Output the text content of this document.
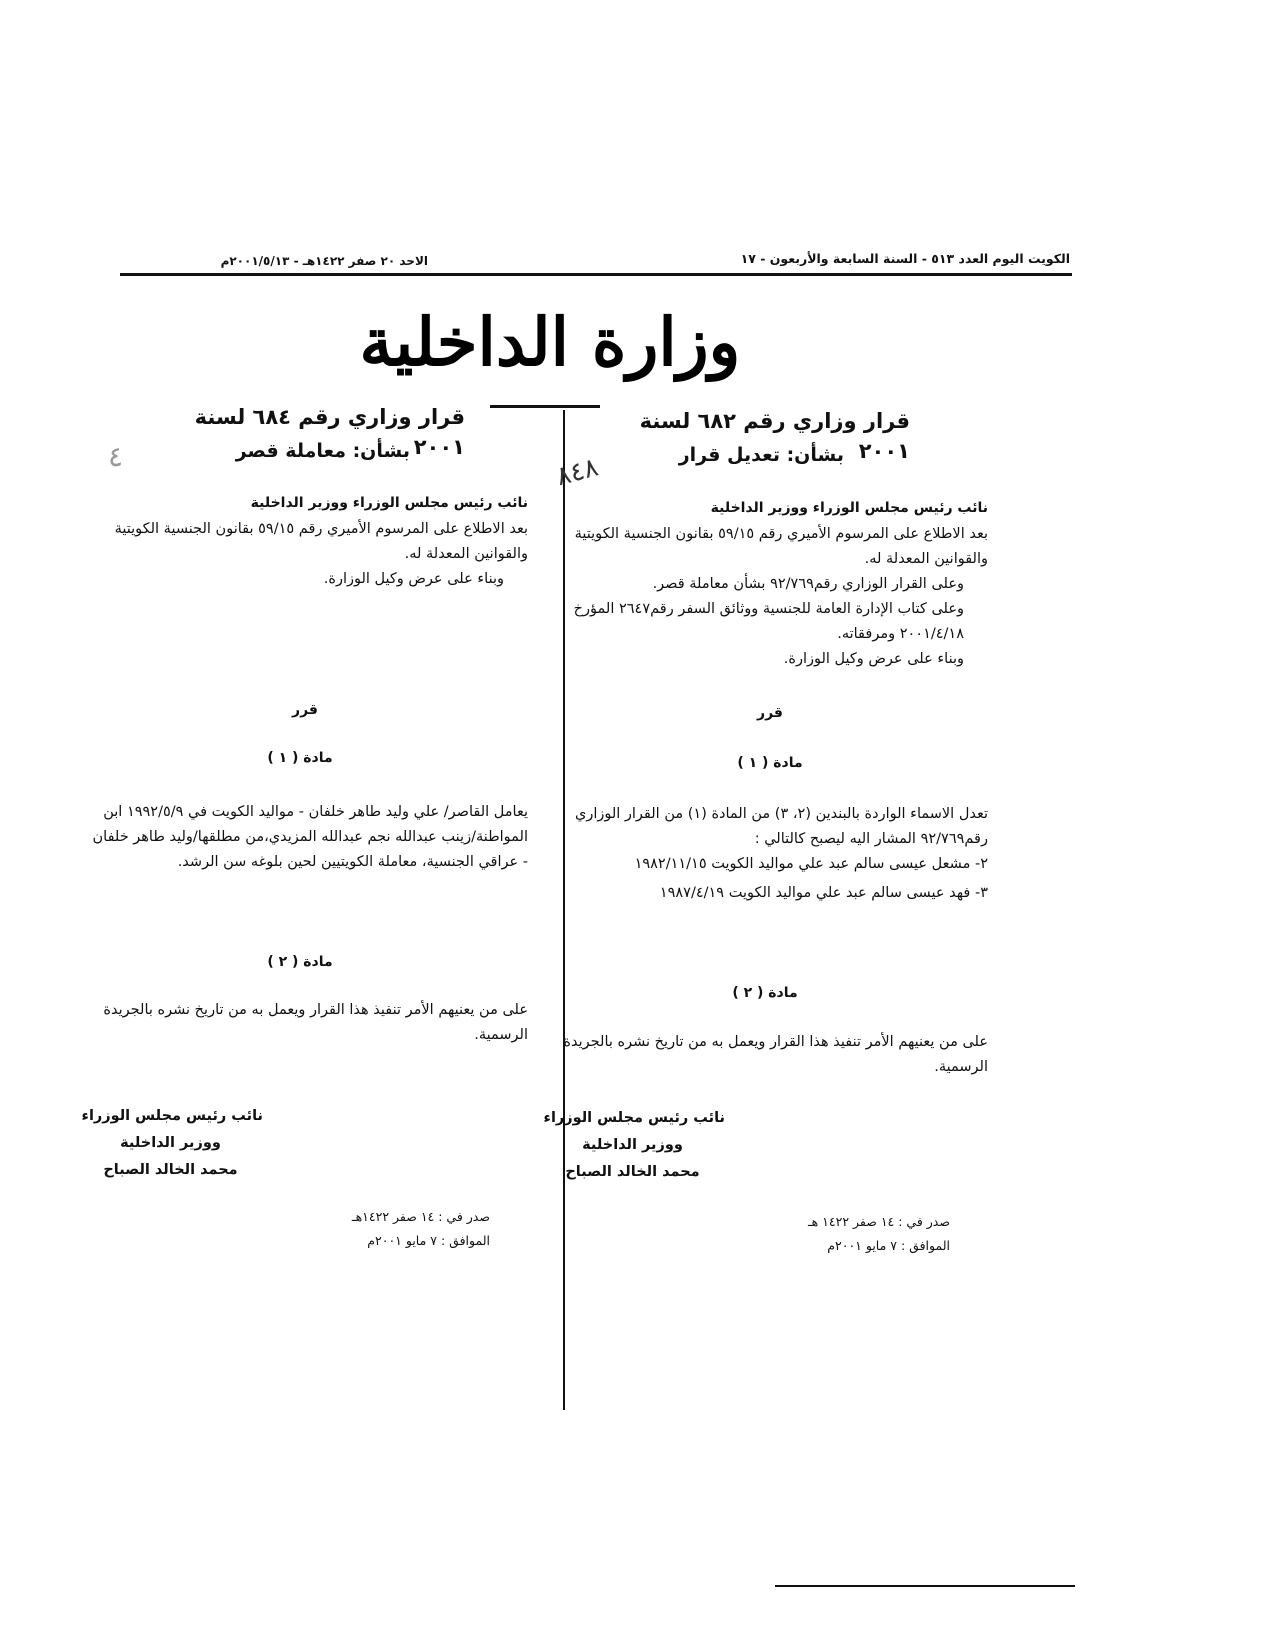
الاحد ٢٠ صفر ١٤٢٢هـ - ٢٠٠١/٥/١٣م	الكويت اليوم العدد ٥١٣ - السنة السابعة والأربعون - ١٧
وزارة الداخلية
قرار وزاري رقم ٦٨٢ لسنة ٢٠٠١
بشأن: تعديل قرار
٨٤٨
نائب رئيس مجلس الوزراء ووزير الداخلية

بعد الاطلاع على المرسوم الأميري رقم ٥٩/١٥ بقانون الجنسية الكويتية والقوانين المعدلة له.

وعلى القرار الوزاري رقم٩٢/٧٦٩ بشأن معاملة قصر.

وعلى كتاب الإدارة العامة للجنسية ووثائق السفر رقم٢٦٤٧ المؤرخ ٢٠٠١/٤/١٨ ومرفقاته.

وبناء على عرض وكيل الوزارة.

قرر
مادة ( ١ )

تعدل الاسماء الواردة بالبندين (٢، ٣) من المادة (١) من القرار الوزاري رقم٩٢/٧٦٩ المشار اليه ليصبح كالتالي :

٢- مشعل عيسى سالم عبد علي مواليد الكويت ١٩٨٢/١١/١٥

٣- فهد عيسى سالم عبد علي مواليد الكويت ١٩٨٧/٤/١٩

مادة ( ٢ )

على من يعنيهم الأمر تنفيذ هذا القرار ويعمل به من تاريخ نشره بالجريدة الرسمية.

نائب رئيس مجلس الوزراء
ووزير الداخلية
محمد الخالد الصباح
صدر في : ١٤ صفر ١٤٢٢ هـ
الموافق : ٧ مايو ٢٠٠١م
قرار وزاري رقم ٦٨٤ لسنة ٢٠٠١
بشأن: معاملة قصر
٤
نائب رئيس مجلس الوزراء ووزير الداخلية

بعد الاطلاع على المرسوم الأميري رقم ٥٩/١٥ بقانون الجنسية الكويتية والقوانين المعدلة له.

وبناء على عرض وكيل الوزارة.

قرر
مادة ( ١ )

يعامل القاصر/ علي وليد طاهر خلفان - مواليد الكويت في ١٩٩٢/٥/٩ ابن المواطنة/زينب عبدالله نجم عبدالله المزيدي،من مطلقها/وليد طاهر خلفان - عراقي الجنسية، معاملة الكويتيين لحين بلوغه سن الرشد.

مادة ( ٢ )

على من يعنيهم الأمر تنفيذ هذا القرار ويعمل به من تاريخ نشره بالجريدة الرسمية.

نائب رئيس مجلس الوزراء
ووزير الداخلية
محمد الخالد الصباح
صدر في : ١٤ صفر ١٤٢٢هـ
الموافق : ٧ مايو ٢٠٠١م
